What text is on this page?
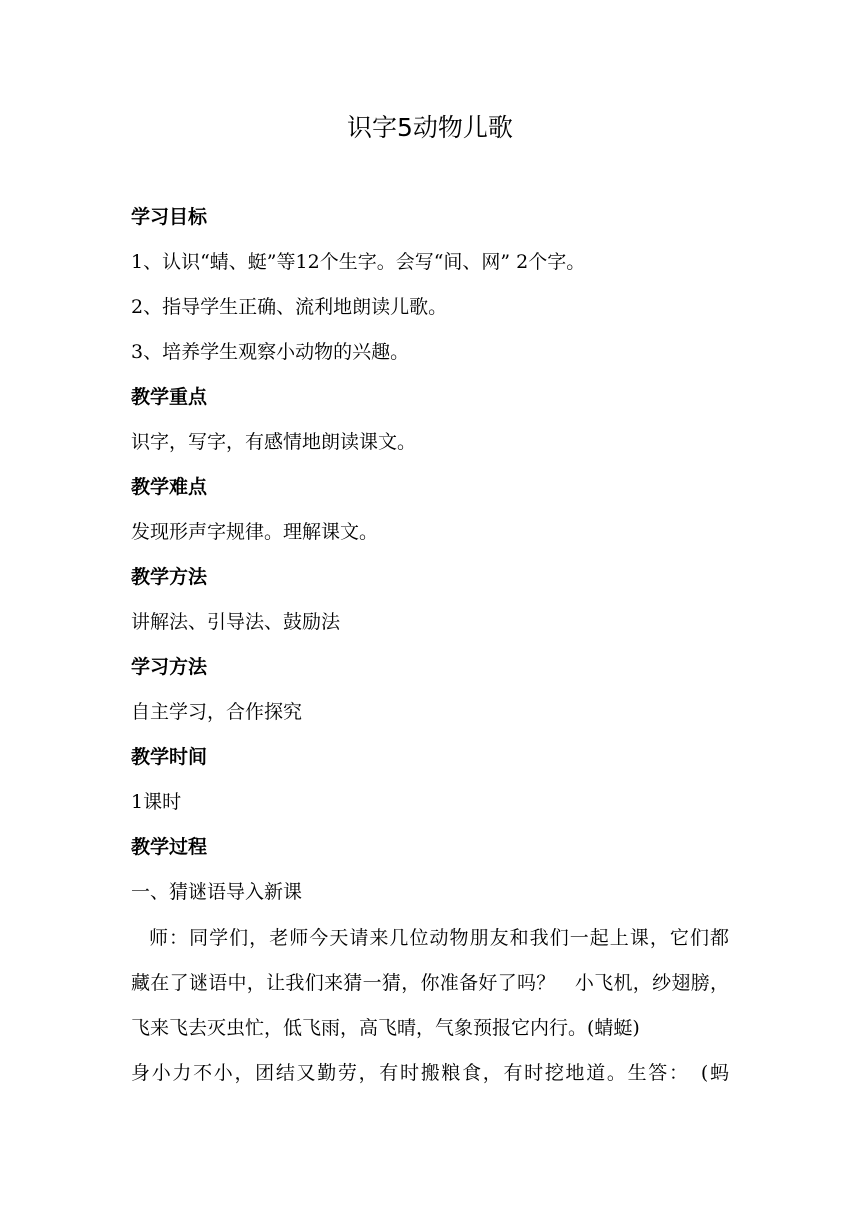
识字5动物儿歌
学习目标
1、认识“蜻、蜓”等12个生字。会写“间、网” 2个字。
2、指导学生正确、流利地朗读儿歌。
3、培养学生观察小动物的兴趣。
教学重点
识字，写字，有感情地朗读课文。
教学难点
发现形声字规律。理解课文。
教学方法
讲解法、引导法、鼓励法
学习方法
自主学习，合作探究
教学时间
1课时
教学过程
一、猜谜语导入新课
师：同学们，老师今天请来几位动物朋友和我们一起上课，它们都
藏在了谜语中，让我们来猜一猜，你准备好了吗？　小飞机，纱翅膀，
飞来飞去灭虫忙，低飞雨，高飞晴，气象预报它内行。(蜻蜓)
身小力不小，团结又勤劳，有时搬粮食，有时挖地道。生答：　(蚂
